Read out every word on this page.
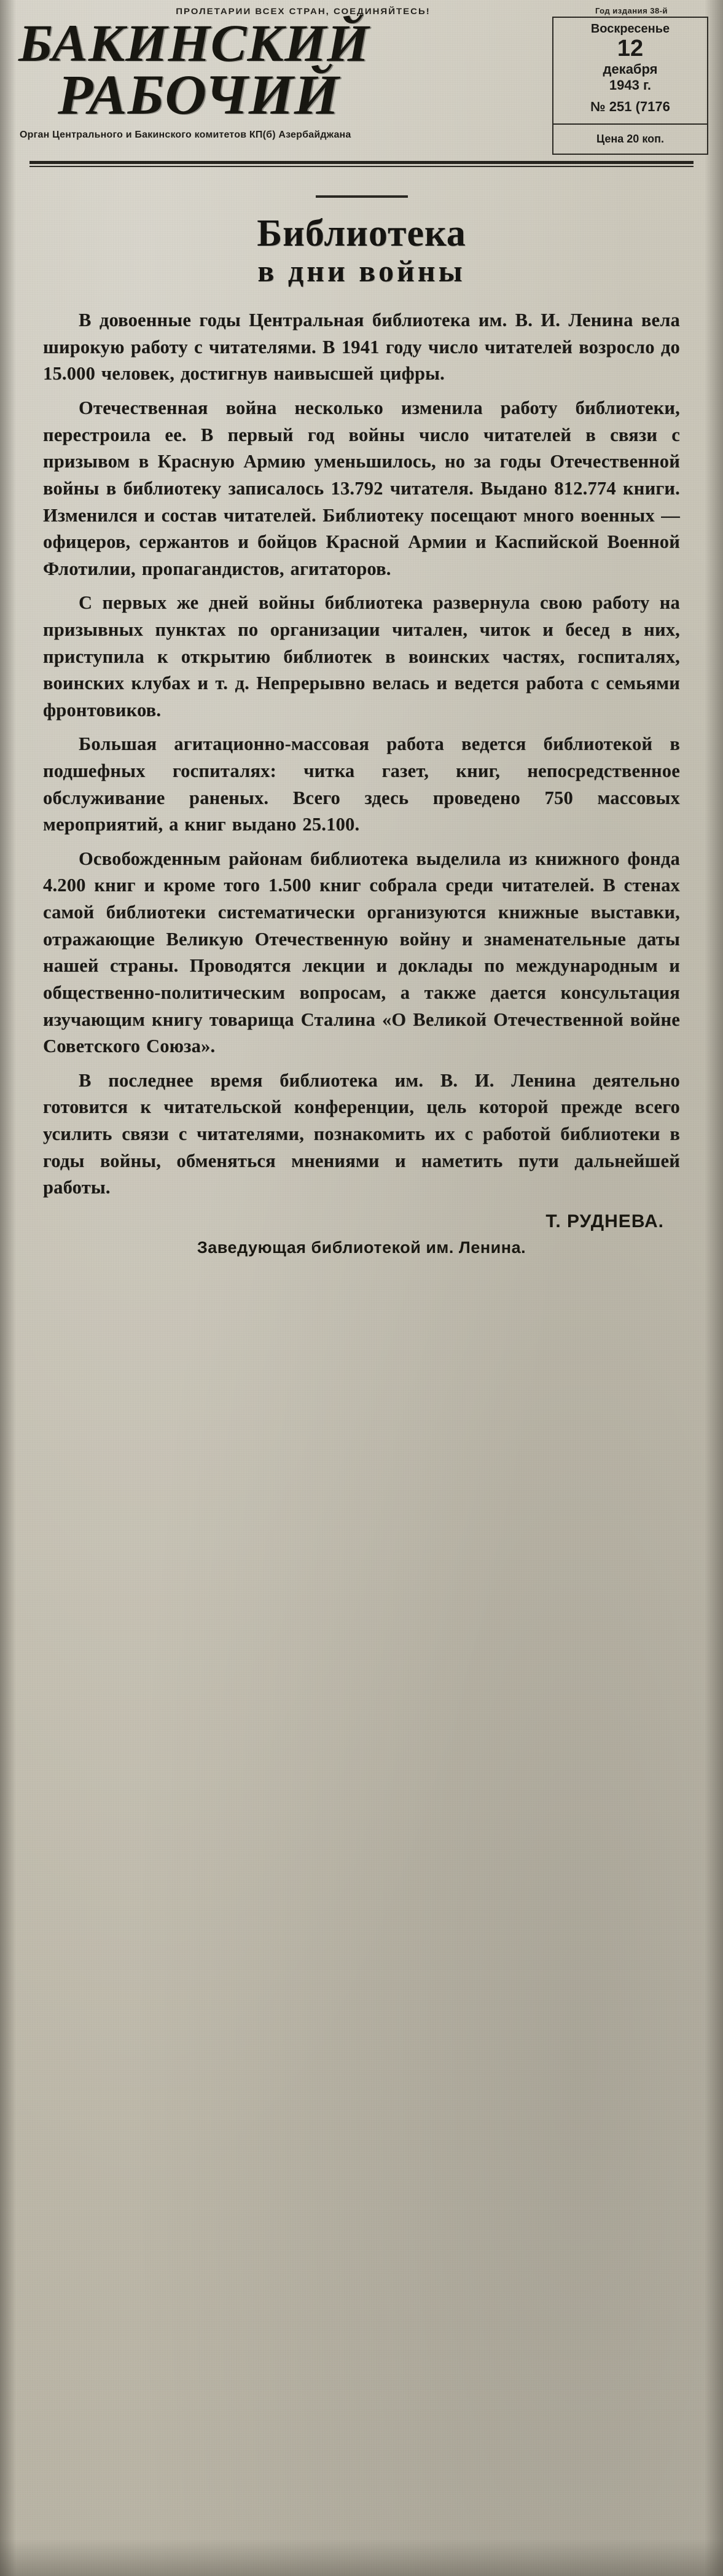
ПРОЛЕТАРИИ ВСЕХ СТРАН, СОЕДИНЯЙТЕСЬ!	Год издания 38-й
БАКИНСКИЙ
РАБОЧИЙ
Орган Центрального и Бакинского комитетов КП(б) Азербайджана
Воскресенье
12
декабря
1943 г.
№ 251 (7176
Цена 20 коп.
Библиотека
в дни войны

В довоенные годы Центральная библиотека им. В. И. Ленина вела широкую работу с читателями. В 1941 году число читателей возросло до 15.000 человек, достигнув наивысшей цифры.

Отечественная война несколько изменила работу библиотеки, перестроила ее. В первый год войны число читателей в связи с призывом в Красную Армию уменьшилось, но за годы Отечественной войны в библиотеку записалось 13.792 читателя. Выдано 812.774 книги. Изменился и состав читателей. Библиотеку посещают много военных — офицеров, сержантов и бойцов Красной Армии и Каспийской Военной Флотилии, пропагандистов, агитаторов.

С первых же дней войны библиотека развернула свою работу на призывных пунктах по организации читален, читок и бесед в них, приступила к открытию библиотек в воинских частях, госпиталях, воинских клубах и т. д. Непрерывно велась и ведется работа с семьями фронтовиков.

Большая агитационно-массовая работа ведется библиотекой в подшефных госпиталях: читка газет, книг, непосредственное обслуживание раненых. Всего здесь проведено 750 массовых мероприятий, а книг выдано 25.100.

Освобожденным районам библиотека выделила из книжного фонда 4.200 книг и кроме того 1.500 книг собрала среди читателей. В стенах самой библиотеки систематически организуются книжные выставки, отражающие Великую Отечественную войну и знаменательные даты нашей страны. Проводятся лекции и доклады по международным и общественно-политическим вопросам, а также дается консультация изучающим книгу товарища Сталина «О Великой Отечественной войне Советского Союза».

В последнее время библиотека им. В. И. Ленина деятельно готовится к читательской конференции, цель которой прежде всего усилить связи с читателями, познакомить их с работой библиотеки в годы войны, обменяться мнениями и наметить пути дальнейшей работы.

Т. РУДНЕВА.
Заведующая библиотекой им. Ленина.
